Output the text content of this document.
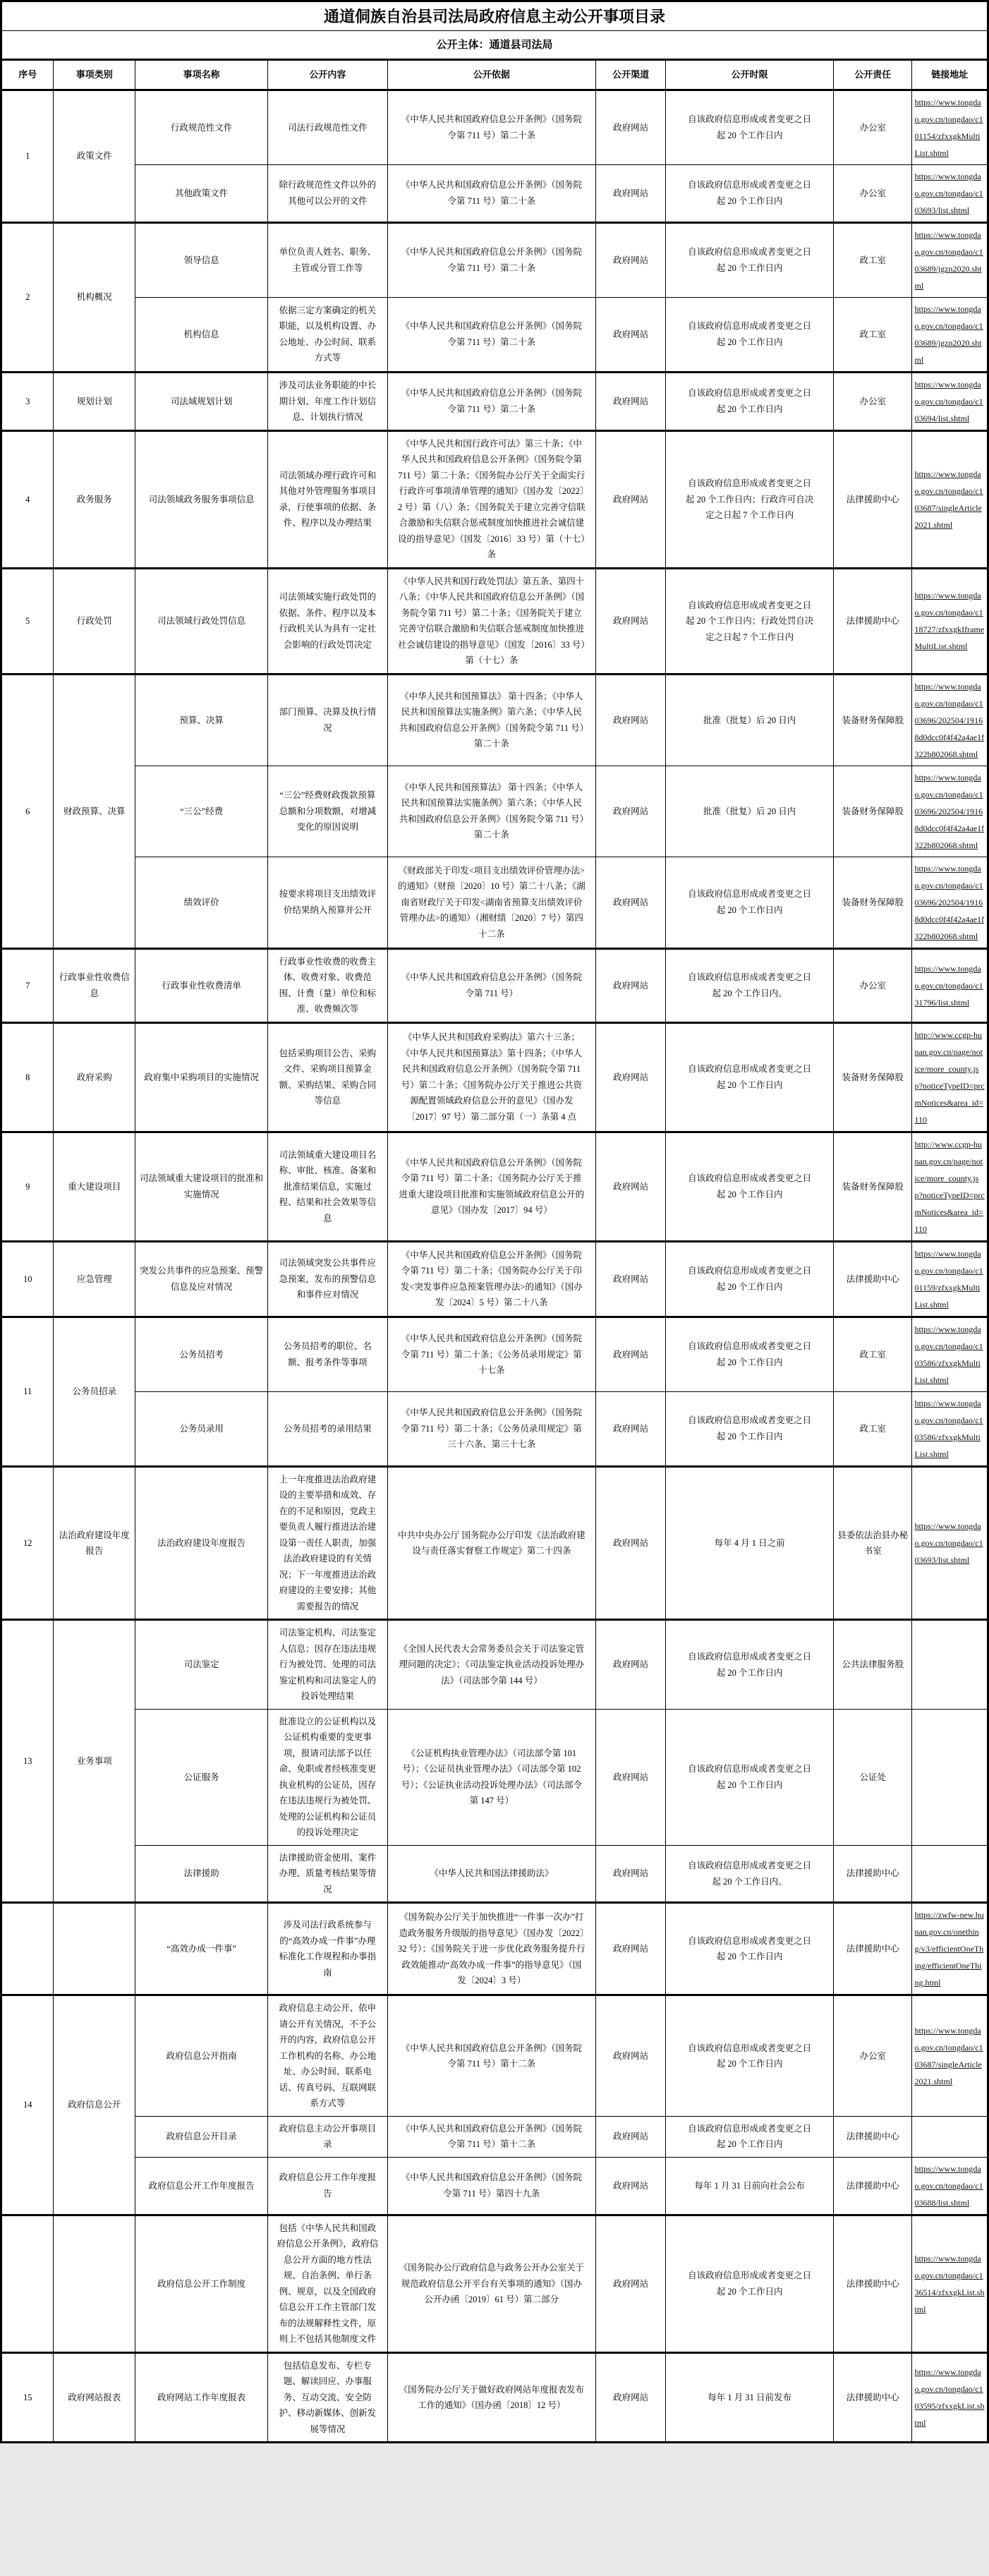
通道侗族自治县司法局政府信息主动公开事项目录								
公开主体：通道县司法局								
序号	事项类别	事项名称	公开内容	公开依据	公开渠道	公开时限	公开责任	链接地址
1	政策文件	行政规范性文件	司法行政规范性文件	《中华人民共和国政府信息公开条例》（国务院令第 711 号）第二十条	政府网站	自该政府信息形成或者变更之日起 20 个工作日内	办公室	https://www.tongdao.gov.cn/tongdao/c101154/zfxxgkMultiList.shtml
		其他政策文件	除行政规范性文件以外的其他可以公开的文件	《中华人民共和国政府信息公开条例》（国务院令第 711 号）第二十条	政府网站	自该政府信息形成或者变更之日起 20 个工作日内	办公室	https://www.tongdao.gov.cn/tongdao/c103693/list.shtml
2	机构概况	领导信息	单位负责人姓名、职务、主管或分管工作等	《中华人民共和国政府信息公开条例》（国务院令第 711 号）第二十条	政府网站	自该政府信息形成或者变更之日起 20 个工作日内	政工室	https://www.tongdao.gov.cn/tongdao/c103689/jgzn2020.shtml
		机构信息	依据三定方案确定的机关职能，以及机构设置、办公地址、办公时间、联系方式等	《中华人民共和国政府信息公开条例》（国务院令第 711 号）第二十条	政府网站	自该政府信息形成或者变更之日起 20 个工作日内	政工室	https://www.tongdao.gov.cn/tongdao/c103689/jgzn2020.shtml
3	规划计划	司法域规划计划	涉及司法业务职能的中长期计划、年度工作计划信息、计划执行情况	《中华人民共和国政府信息公开条例》（国务院令第 711 号）第二十条	政府网站	自该政府信息形成或者变更之日起 20 个工作日内	办公室	https://www.tongdao.gov.cn/tongdao/c103694/list.shtml
4	政务服务	司法领域政务服务事项信息	司法领域办理行政许可和其他对外管理服务事项目录，行使事项的依据、条件、程序以及办理结果	《中华人民共和国行政许可法》第三十条；《中华人民共和国政府信息公开条例》（国务院令第 711 号）第二十条；《国务院办公厅关于全面实行行政许可事项清单管理的通知》（国办发〔2022〕2 号）第（八）条；《国务院关于建立完善守信联合激励和失信联合惩戒制度加快推进社会诚信建设的指导意见》（国发〔2016〕33 号）第（十七）条	政府网站	自该政府信息形成或者变更之日起 20 个工作日内；行政许可自决定之日起 7 个工作日内	法律援助中心	https://www.tongdao.gov.cn/tongdao/c103687/singleArticle2021.shtml
5	行政处罚	司法领域行政处罚信息	司法领域实施行政处罚的依据、条件、程序以及本行政机关认为具有一定社会影响的行政处罚决定	《中华人民共和国行政处罚法》第五条、第四十八条；《中华人民共和国政府信息公开条例》（国务院令第 711 号）第二十条；《国务院关于建立完善守信联合激励和失信联合惩戒制度加快推进社会诚信建设的指导意见》（国发〔2016〕33 号）第（十七）条	政府网站	自该政府信息形成或者变更之日起 20 个工作日内；行政处罚自决定之日起 7 个工作日内	法律援助中心	https://www.tongdao.gov.cn/tongdao/c118727/zfxxgkIframeMultiList.shtml
6	财政预算、决算	预算、决算	部门预算、决算及执行情况	《中华人民共和国预算法》 第十四条；《中华人民共和国预算法实施条例》第六条；《中华人民共和国政府信息公开条例》（国务院令第 711 号）第二十条	政府网站	批准（批复）后 20 日内	装备财务保障股	https://www.tongdao.gov.cn/tongdao/c103696/202504/19168d0dcc0f4f42a4ae1f322b802068.shtml
		“三公”经费	“三公”经费财政拨款预算总额和分项数额，对增减变化的原因说明	《中华人民共和国预算法》 第十四条；《中华人民共和国预算法实施条例》第六条；《中华人民共和国政府信息公开条例》（国务院令第 711 号）第二十条	政府网站	批准（批复）后 20 日内	装备财务保障股	https://www.tongdao.gov.cn/tongdao/c103696/202504/19168d0dcc0f4f42a4ae1f322b802068.shtml
		绩效评价	按要求将项目支出绩效评价结果纳入预算并公开	《财政部关于印发<项目支出绩效评价管理办法>的通知》（财预〔2020〕10 号）第二十八条；《湖南省财政厅关于印发<湖南省预算支出绩效评价管理办法>的通知）（湘财绩〔2020〕7 号）第四十二条	政府网站	自该政府信息形成或者变更之日起 20 个工作日内	装备财务保障股	https://www.tongdao.gov.cn/tongdao/c103696/202504/19168d0dcc0f4f42a4ae1f322b802068.shtml
7	行政事业性收费信息	行政事业性收费清单	行政事业性收费的收费主体、收费对象、收费范围、计费（量）单位和标准、收费频次等	《中华人民共和国政府信息公开条例》（国务院令第 711 号）	政府网站	自该政府信息形成或者变更之日起 20 个工作日内。	办公室	https://www.tongdao.gov.cn/tongdao/c131796/list.shtml
8	政府采购	政府集中采购项目的实施情况	包括采购项目公告、采购文件、采购项目预算金额、采购结果、采购合同等信息	《中华人民共和国政府采购法》第六十三条；《中华人民共和国预算法》第十四条；《中华人民共和国政府信息公开条例》（国务院令第 711 号）第二十条；《国务院办公厅关于推进公共资源配置领域政府信息公开的意见》（国办发〔2017〕97 号）第二部分第（一）条第 4 点	政府网站	自该政府信息形成或者变更之日起 20 个工作日内	装备财务保障股	http://www.ccgp-hunan.gov.cn/page/notice/more_county.jsp?noticeTypeID=prcmNotices&area_id=110
9	重大建设项目	司法领域重大建设项目的批准和实施情况	司法领域重大建设项目名称、审批、核准、备案和批准结果信息，实施过程、结果和社会效果等信息	《中华人民共和国政府信息公开条例》（国务院令第 711 号）第二十条；《国务院办公厅关于推进重大建设项目批准和实施领域政府信息公开的意见》（国办发〔2017〕94 号）	政府网站	自该政府信息形成或者变更之日起 20 个工作日内	装备财务保障股	http://www.ccgp-hunan.gov.cn/page/notice/more_county.jsp?noticeTypeID=prcmNotices&area_id=110
10	应急管理	突发公共事件的应急预案、预警信息及应对情况	司法领域突发公共事件应急预案，发布的预警信息和事件应对情况	《中华人民共和国政府信息公开条例》（国务院令第 711 号）第二十条；《国务院办公厅关于印发<突发事件应急预案管理办法>的通知》（国办发〔2024〕5 号）第二十八条	政府网站	自该政府信息形成或者变更之日起 20 个工作日内	法律援助中心	https://www.tongdao.gov.cn/tongdao/c101159/zfxxgkMultiList.shtml
11	公务员招录	公务员招考	公务员招考的职位、名额、报考条件等事项	《中华人民共和国政府信息公开条例》（国务院令第 711 号）第二十条；《公务员录用规定》第十七条	政府网站	自该政府信息形成或者变更之日起 20 个工作日内	政工室	https://www.tongdao.gov.cn/tongdao/c103586/zfxxgkMultiList.shtml
		公务员录用	公务员招考的录用结果	《中华人民共和国政府信息公开条例》（国务院令第 711 号）第二十条；《公务员录用规定》第三十六条、第三十七条	政府网站	自该政府信息形成或者变更之日起 20 个工作日内	政工室	https://www.tongdao.gov.cn/tongdao/c103586/zfxxgkMultiList.shtml
12	法治政府建设年度报告	法治政府建设年度报告	上一年度推进法治政府建设的主要举措和成效、存在的不足和原因，党政主要负责人履行推进法治建设第一责任人职责，加强法治政府建设的有关情况；下一年度推进法治政府建设的主要安排；其他需要报告的情况	中共中央办公厅 国务院办公厅印发《法治政府建设与责任落实督察工作规定》第二十四条	政府网站	每年 4 月 1 日之前	县委依法治县办秘书室	https://www.tongdao.gov.cn/tongdao/c103693/list.shtml
13	业务事项	司法鉴定	司法鉴定机构、司法鉴定人信息；因存在违法违规行为被处罚、处理的司法鉴定机构和司法鉴定人的投诉处理结果	《全国人民代表大会常务委员会关于司法鉴定管理问题的决定》；《司法鉴定执业活动投诉处理办法》（司法部令第 144 号）	政府网站	自该政府信息形成或者变更之日起 20 个工作日内	公共法律服务股	
		公证服务	批准设立的公证机构以及公证机构重要的变更事项，报请司法部予以任命、免职或者经核准变更执业机构的公证员，因存在违法违规行为被处罚、处理的公证机构和公证员的投诉处理决定	《公证机构执业管理办法》（司法部令第 101 号）；《公证员执业管理办法》（司法部令第 102 号）；《公证执业活动投诉处理办法》（司法部令第 147 号）	政府网站	自该政府信息形成或者变更之日起 20 个工作日内	公证处	
		法律援助	法律援助资金使用、案件办理、质量考核结果等情况	《中华人民共和国法律援助法》	政府网站	自该政府信息形成或者变更之日起 20 个工作日内。	法律援助中心	
		“高效办成一件事”	涉及司法行政系统参与的“高效办成一件事”办理标准化工作规程和办事指南	《国务院办公厅关于加快推进“一件事一次办”打造政务服务升级版的指导意见》（国办发〔2022〕32 号）；《国务院关于进一步优化政务服务提升行政效能推动“高效办成一件事”的指导意见》（国发〔2024〕3 号）	政府网站	自该政府信息形成或者变更之日起 20 个工作日内	法律援助中心	https://zwfw-new.hunan.gov.cn/onething/v3/efficientOneThing/efficientOneThing.html
14	政府信息公开	政府信息公开指南	政府信息主动公开、依申请公开有关情况，不予公开的内容，政府信息公开工作机构的名称、办公地址、办公时间、联系电话、传真号码、互联网联系方式等	《中华人民共和国政府信息公开条例》（国务院令第 711 号）第十二条	政府网站	自该政府信息形成或者变更之日起 20 个工作日内	办公室	https://www.tongdao.gov.cn/tongdao/c103687/singleArticle2021.shtml
		政府信息公开目录	政府信息主动公开事项目录	《中华人民共和国政府信息公开条例》（国务院令第 711 号）第十二条	政府网站	自该政府信息形成或者变更之日起 20 个工作日内	法律援助中心	
		政府信息公开工作年度报告	政府信息公开工作年度报告	《中华人民共和国政府信息公开条例》（国务院令第 711 号）第四十九条	政府网站	每年 1 月 31 日前向社会公布	法律援助中心	https://www.tongdao.gov.cn/tongdao/c103688/list.shtml
		政府信息公开工作制度	包括《中华人民共和国政府信息公开条例》，政府信息公开方面的地方性法规、自治条例、单行条例、规章，以及全国政府信息公开工作主管部门发布的法规解释性文件，原则上不包括其他制度文件	《国务院办公厅政府信息与政务公开办公室关于规范政府信息公开平台有关事项的通知》（国办公开办函〔2019〕61 号）第二部分	政府网站	自该政府信息形成或者变更之日起 20 个工作日内	法律援助中心	https://www.tongdao.gov.cn/tongdao/c136514/zfxxgkList.shtml
15	政府网站报表	政府网站工作年度报表	包括信息发布、专栏专题、解读回应、办事服务、互动交流、安全防护、移动新媒体、创新发展等情况	《国务院办公厅关于做好政府网站年度报表发布工作的通知》（国办函〔2018〕12 号）	政府网站	每年 1 月 31 日前发布	法律援助中心	https://www.tongdao.gov.cn/tongdao/c103595/zfxxgkList.shtml
